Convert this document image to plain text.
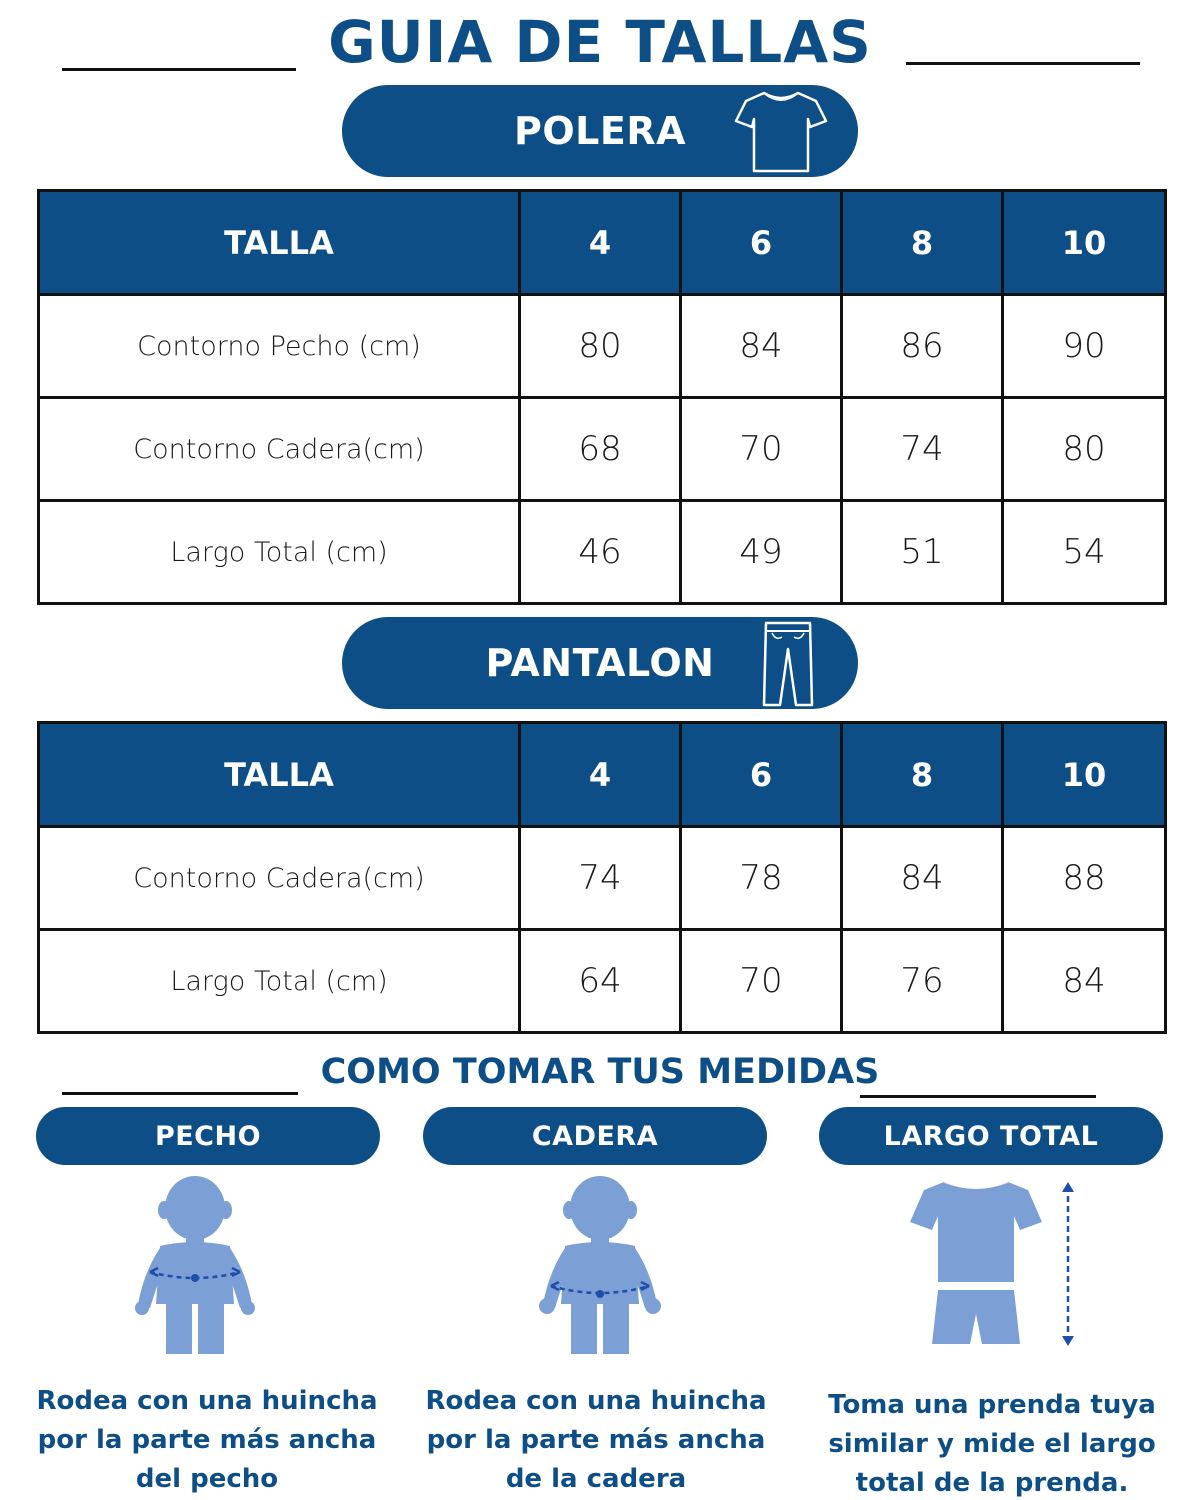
GUIA DE TALLAS
POLERA
TALLA	4	6	8	10
Contorno Pecho (cm)	80	84	86	90
Contorno Cadera(cm)	68	70	74	80
Largo Total (cm)	46	49	51	54
PANTALON
TALLA	4	6	8	10
Contorno Cadera(cm)	74	78	84	88
Largo Total (cm)	64	70	76	84
COMO TOMAR TUS MEDIDAS
PECHO	CADERA	LARGO TOTAL
Rodea con una huincha
por la parte más ancha
del pecho
Rodea con una huincha
por la parte más ancha
de la cadera
Toma una prenda tuya
similar y mide el largo
total de la prenda.
